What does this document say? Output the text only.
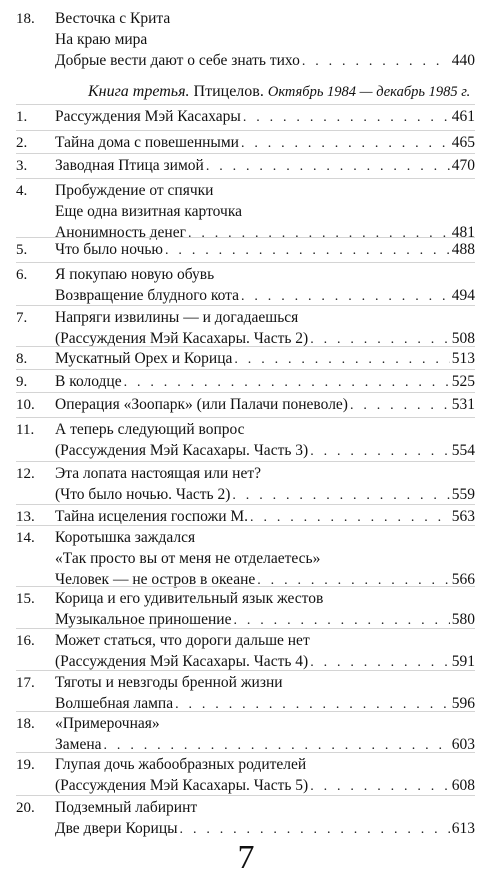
18. Весточка с Крита
На краю мира
Добрые вести дают о себе знать тихо . . .	440
Книга третья. Птицелов. Октябрь 1984 — декабрь 1985 г.
1. Рассуждения Мэй Касахары . . .	461
2. Тайна дома с повешенными . . .	465
3. Заводная Птица зимой . . .	470
4. Пробуждение от спячки
Еще одна визитная карточка
Анонимность денег . . .	481
5. Что было ночью . . .	488
6. Я покупаю новую обувь
Возвращение блудного кота . . .	494
7. Напряги извилины — и догадаешься
(Рассуждения Мэй Касахары. Часть 2) . . .	508
8. Мускатный Орех и Корица . . .	513
9. В колодце . . .	525
10. Операция «Зоопарк» (или Палачи поневоле) . . .	531
11. А теперь следующий вопрос
(Рассуждения Мэй Касахары. Часть 3) . . .	554
12. Эта лопата настоящая или нет?
(Что было ночью. Часть 2) . . .	559
13. Тайна исцеления госпожи М. . . .	563
14. Коротышка заждался
«Так просто вы от меня не отделаетесь»
Человек — не остров в океане . . .	566
15. Корица и его удивительный язык жестов
Музыкальное приношение . . .	580
16. Может статься, что дороги дальше нет
(Рассуждения Мэй Касахары. Часть 4) . . .	591
17. Тяготы и невзгоды бренной жизни
Волшебная лампа . . .	596
18. «Примерочная»
Замена . . .	603
19. Глупая дочь жабообразных родителей
(Рассуждения Мэй Касахары. Часть 5) . . .	608
20. Подземный лабиринт
Две двери Корицы . . .	613
7
